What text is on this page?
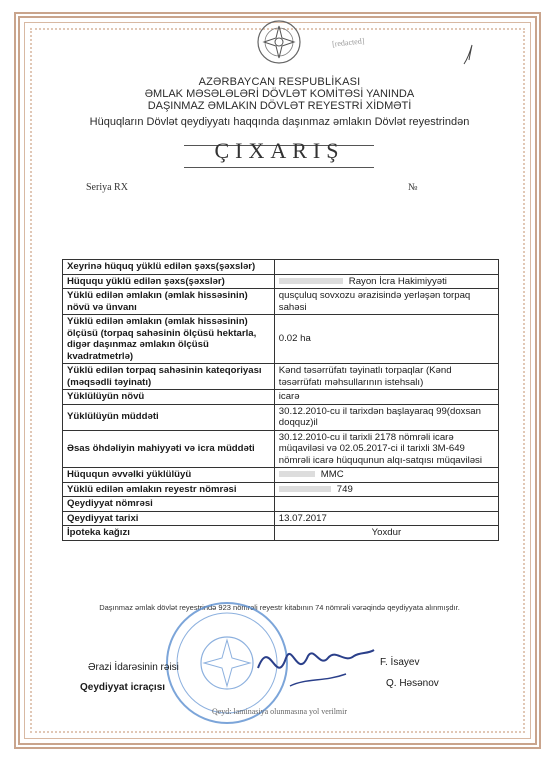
[redacted]
AZƏRBAYCAN RESPUBLİKASI
ƏMLAK MƏSƏLƏLƏRİ DÖVLƏT KOMİTƏSİ YANINDA
DAŞINMAZ ƏMLAKIN DÖVLƏT REYESTRİ XİDMƏTİ
Hüquqların Dövlət qeydiyyatı haqqında daşınmaz əmlakın Dövlət reyestrindən
ÇIXARIŞ
Seriya RX	№
Xeyrinə hüquq yüklü edilən şəxs(şəxslər)	
Hüququ yüklü edilən şəxs(şəxslər)	Rayon İcra Hakimiyyəti
Yüklü edilən əmlakın (əmlak hissəsinin) növü və ünvanı	qusçuluq sovxozu ərazisində yerləşən torpaq sahəsi
Yüklü edilən əmlakın (əmlak hissəsinin) ölçüsü (torpaq sahəsinin ölçüsü hektarla, digər daşınmaz əmlakın ölçüsü kvadratmetrlə)	0.02 ha
Yüklü edilən torpaq sahəsinin kateqoriyası (məqsədli təyinatı)	Kənd təsərrüfatı təyinatlı torpaqlar (Kənd təsərrüfatı məhsullarının istehsalı)
Yüklülüyün növü	icarə
Yüklülüyün müddəti	30.12.2010-cu il tarixdən başlayaraq 99(doxsan doqquz)il
Əsas öhdəliyin mahiyyəti və icra müddəti	30.12.2010-cu il tarixli 2178 nömrəli icarə müqaviləsi və 02.05.2017-ci il tarixli 3M-649 nömrəli icarə hüququnun alqı-satqısı müqaviləsi
Hüququn əvvəlki yüklülüyü	MMC
Yüklü edilən əmlakın reyestr nömrəsi	749
Qeydiyyat nömrəsi	
Qeydiyyat tarixi	13.07.2017
İpoteka kağızı	Yoxdur
Daşınmaz əmlak dövlət reyestrində 923 nömrəli reyestr kitabının 74 nömrəli vərəqində qeydiyyata alınmışdır.
Ərazi İdarəsinin rəisi
Qeydiyyat icraçısı
F. İsayev
Q. Həsənov
Qeyd: laminasiya olunmasına yol verilmir
